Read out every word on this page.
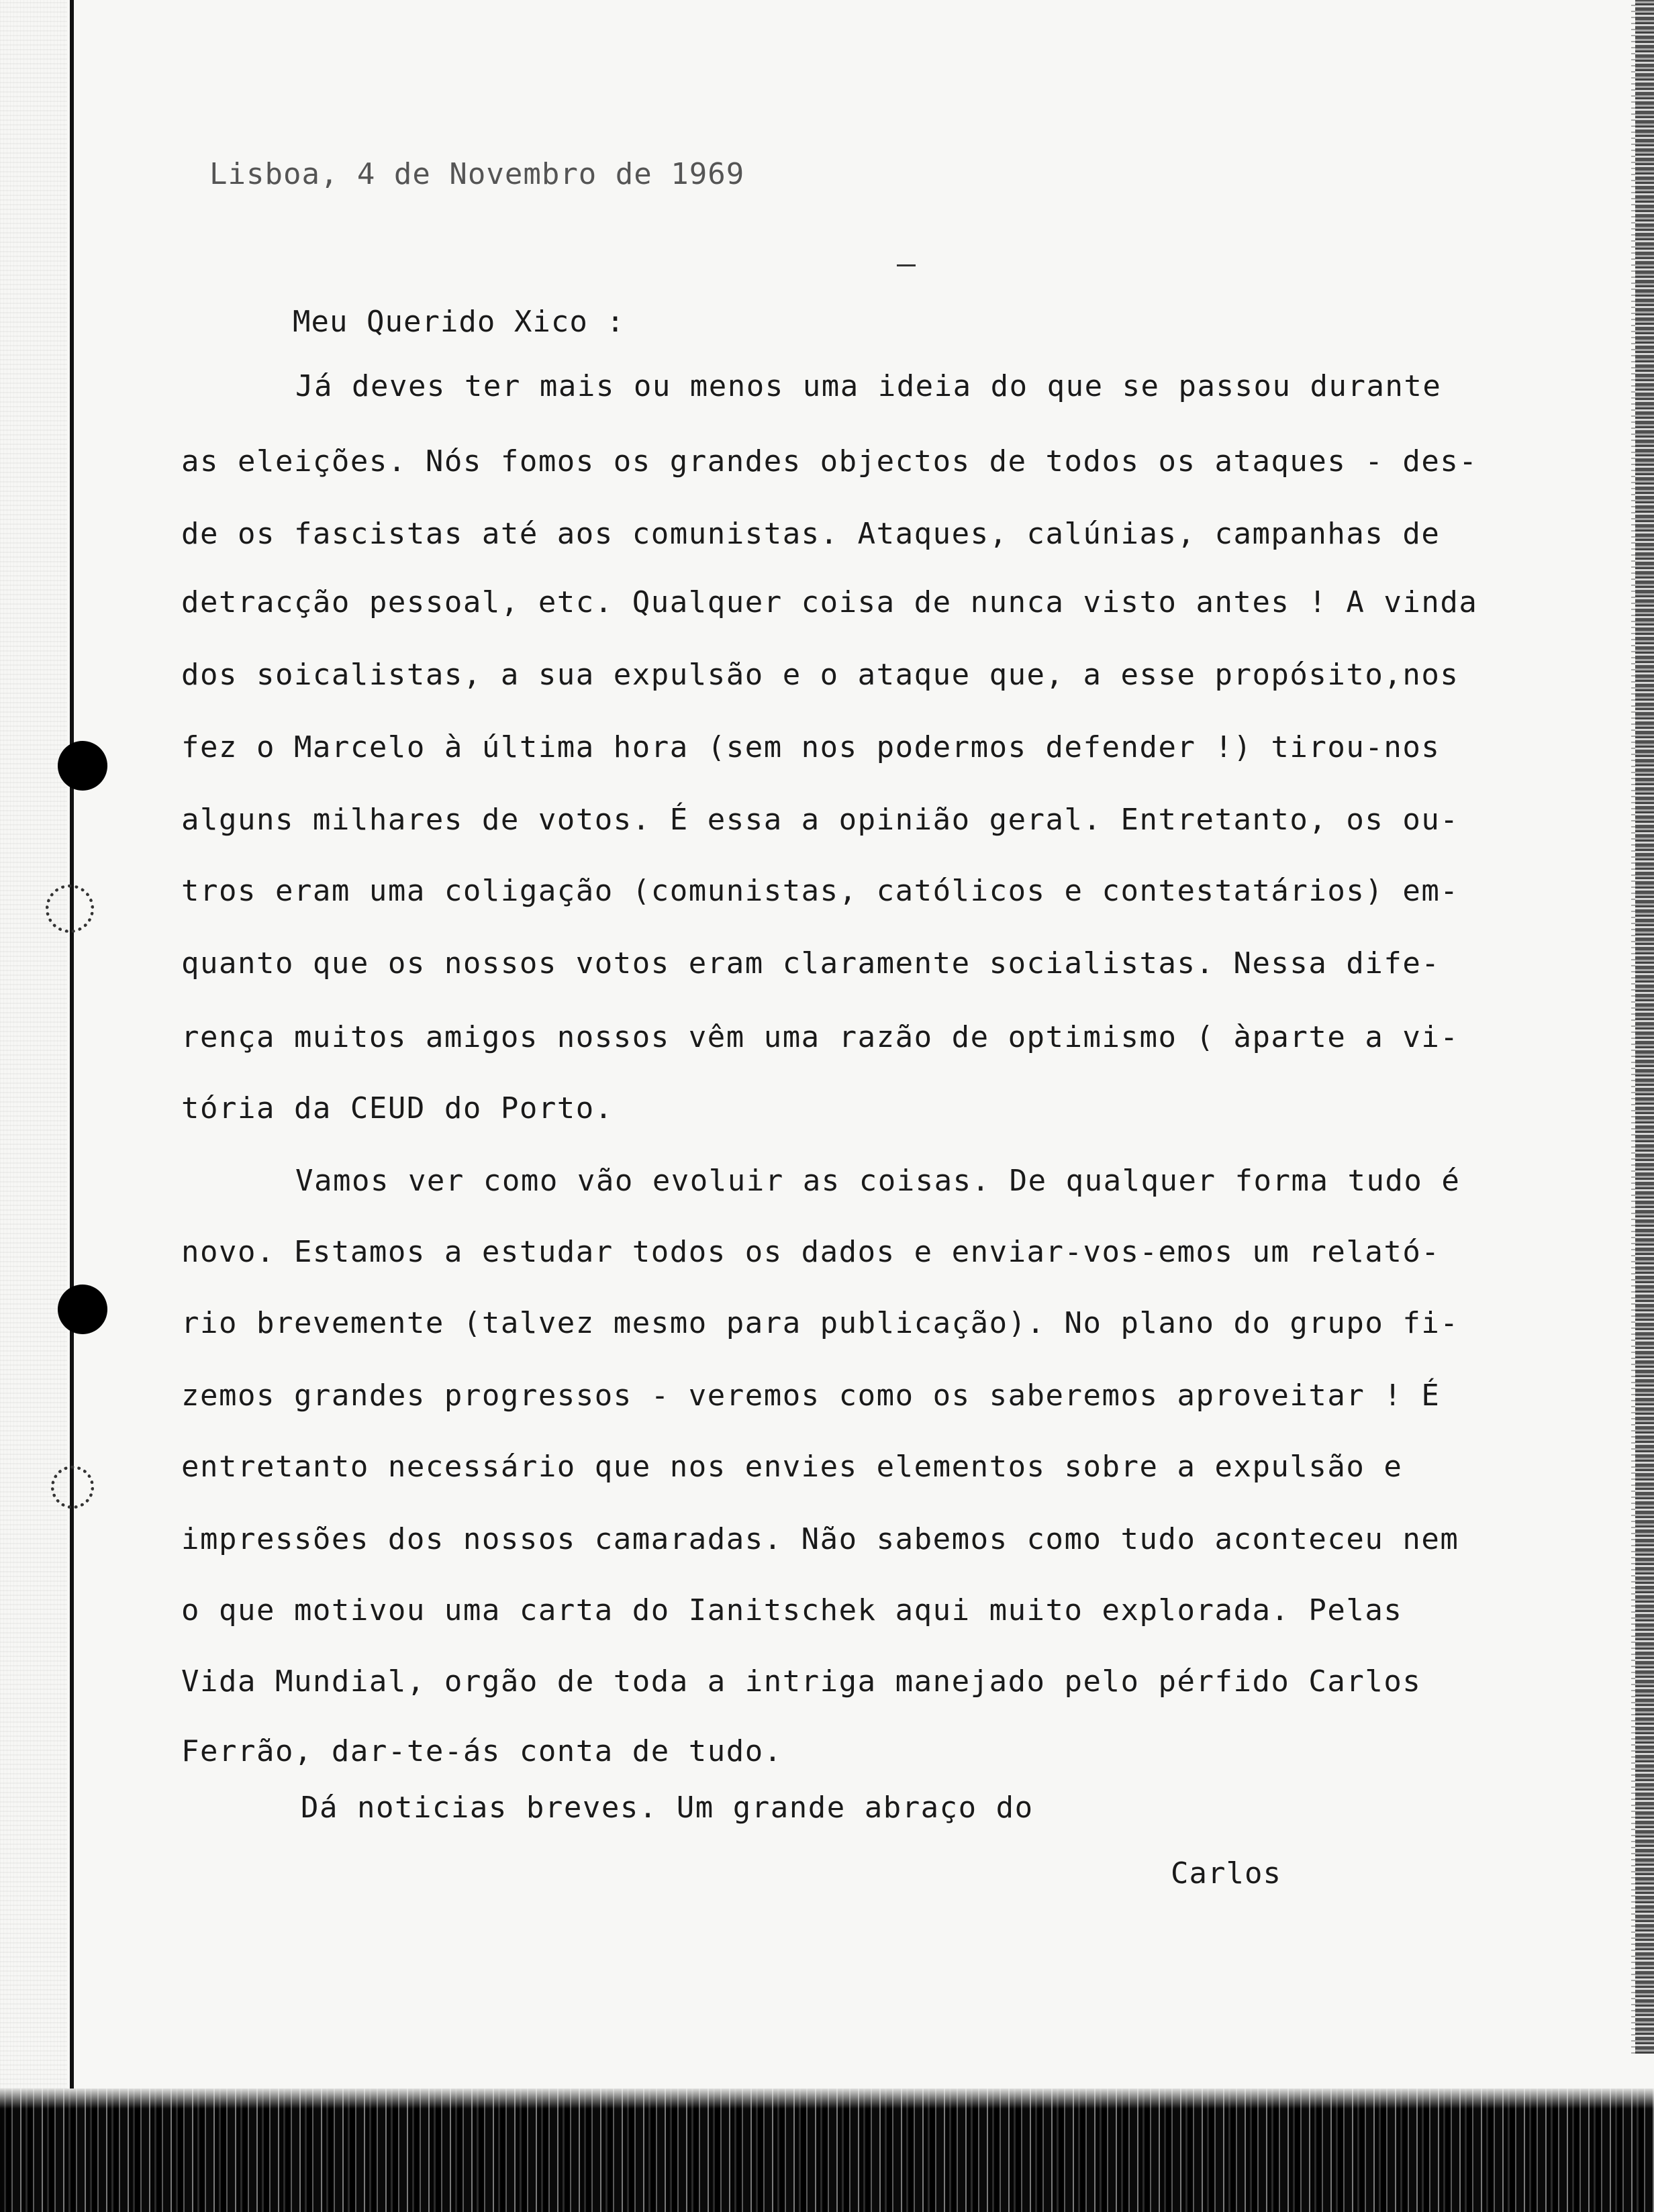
Lisboa, 4 de Novembro de 1969
Meu Querido Xico :
Já deves ter mais ou menos uma ideia do que se passou durante
as eleições. Nós fomos os grandes objectos de todos os ataques - des-
de os fascistas até aos comunistas. Ataques, calúnias, campanhas de
detracção pessoal, etc. Qualquer coisa de nunca visto antes ! A vinda
dos soicalistas, a sua expulsão e o ataque que, a esse propósito,nos
fez o Marcelo à última hora (sem nos podermos defender !) tirou-nos
alguns milhares de votos. É essa a opinião geral. Entretanto, os ou-
tros eram uma coligação (comunistas, católicos e contestatários) em-
quanto que os nossos votos eram claramente socialistas. Nessa dife-
rença muitos amigos nossos vêm uma razão de optimismo ( àparte a vi-
tória da CEUD do Porto.
Vamos ver como vão evoluir as coisas. De qualquer forma tudo é
novo. Estamos a estudar todos os dados e enviar-vos-emos um relató-
rio brevemente (talvez mesmo para publicação). No plano do grupo fi-
zemos grandes progressos - veremos como os saberemos aproveitar ! É
entretanto necessário que nos envies elementos sobre a expulsão e
impressões dos nossos camaradas. Não sabemos como tudo aconteceu nem
o que motivou uma carta do Ianitschek aqui muito explorada. Pelas
Vida Mundial, orgão de toda a intriga manejado pelo pérfido Carlos
Ferrão, dar-te-ás conta de tudo.
Dá noticias breves. Um grande abraço do
Carlos
